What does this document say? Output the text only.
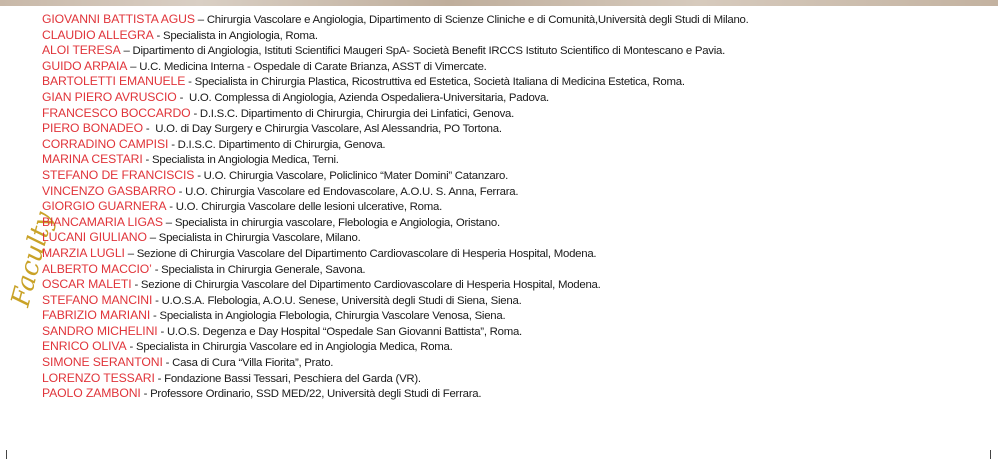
Faculty
GIOVANNI BATTISTA AGUS – Chirurgia Vascolare e Angiologia, Dipartimento di Scienze Cliniche e di Comunità,Università degli Studi di Milano.
CLAUDIO ALLEGRA - Specialista in Angiologia, Roma.
ALOI TERESA – Dipartimento di Angiologia, Istituti Scientifici Maugeri SpA- Società Benefit IRCCS Istituto Scientifico di Montescano e Pavia.
GUIDO ARPAIA – U.C. Medicina Interna - Ospedale di Carate Brianza, ASST di Vimercate.
BARTOLETTI EMANUELE - Specialista in Chirurgia Plastica, Ricostruttiva ed Estetica, Società Italiana di Medicina Estetica, Roma.
GIAN PIERO AVRUSCIO -  U.O. Complessa di Angiologia, Azienda Ospedaliera-Universitaria, Padova.
FRANCESCO BOCCARDO - D.I.S.C. Dipartimento di Chirurgia, Chirurgia dei Linfatici, Genova.
PIERO BONADEO -  U.O. di Day Surgery e Chirurgia Vascolare, Asl Alessandria, PO Tortona.
CORRADINO CAMPISI - D.I.S.C. Dipartimento di Chirurgia, Genova.
MARINA CESTARI - Specialista in Angiologia Medica, Terni.
STEFANO DE FRANCISCIS - U.O. Chirurgia Vascolare, Policlinico “Mater Domini” Catanzaro.
VINCENZO GASBARRO - U.O. Chirurgia Vascolare ed Endovascolare, A.O.U. S. Anna, Ferrara.
GIORGIO GUARNERA - U.O. Chirurgia Vascolare delle lesioni ulcerative, Roma.
BIANCAMARIA LIGAS – Specialista in chirurgia vascolare, Flebologia e Angiologia, Oristano.
LUCANI GIULIANO – Specialista in Chirurgia Vascolare, Milano.
MARZIA LUGLI – Sezione di Chirurgia Vascolare del Dipartimento Cardiovascolare di Hesperia Hospital, Modena.
ALBERTO MACCIO’ - Specialista in Chirurgia Generale, Savona.
OSCAR MALETI - Sezione di Chirurgia Vascolare del Dipartimento Cardiovascolare di Hesperia Hospital, Modena.
STEFANO MANCINI - U.O.S.A. Flebologia, A.O.U. Senese, Università degli Studi di Siena, Siena.
FABRIZIO MARIANI - Specialista in Angiologia Flebologia, Chirurgia Vascolare Venosa, Siena.
SANDRO MICHELINI - U.O.S. Degenza e Day Hospital “Ospedale San Giovanni Battista”, Roma.
ENRICO OLIVA - Specialista in Chirurgia Vascolare ed in Angiologia Medica, Roma.
SIMONE SERANTONI - Casa di Cura “Villa Fiorita”, Prato.
LORENZO TESSARI - Fondazione Bassi Tessari, Peschiera del Garda (VR).
PAOLO ZAMBONI - Professore Ordinario, SSD MED/22, Università degli Studi di Ferrara.
